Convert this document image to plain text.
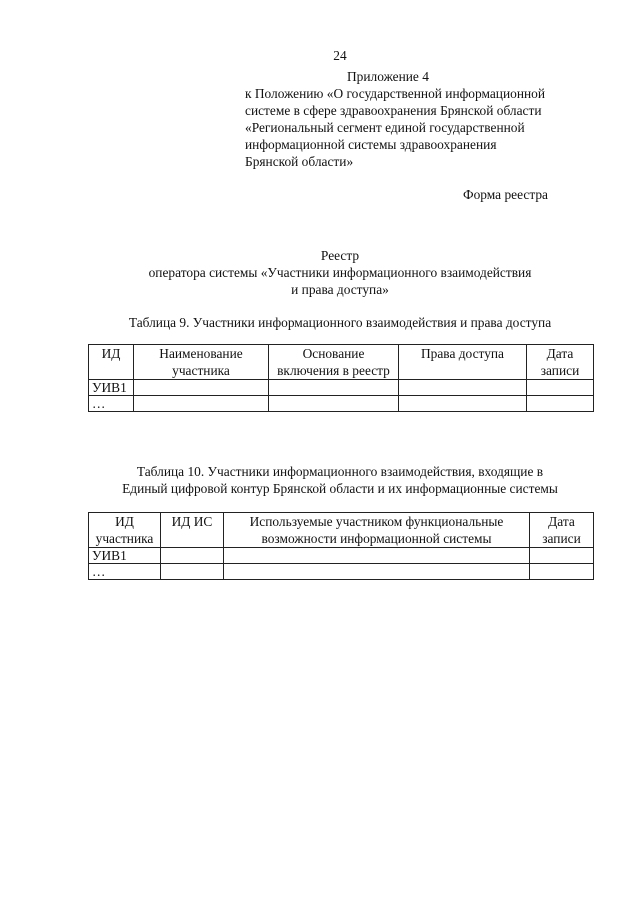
24
Приложение 4
к Положению «О государственной информационной
системе в сфере здравоохранения Брянской области
«Региональный сегмент единой государственной
информационной системы здравоохранения
Брянской области»
Форма реестра
Реестр
оператора системы «Участники информационного взаимодействия
и права доступа»
Таблица 9. Участники информационного взаимодействия и права доступа
ИД	Наименование участника	Основание включения в реестр	Права доступа	Дата записи
УИВ1				
…				
Таблица 10. Участники информационного взаимодействия, входящие в
Единый цифровой контур Брянской области и их информационные системы
ИД участника	ИД ИС	Используемые участником функциональные возможности информационной системы	Дата записи
УИВ1			
…			
